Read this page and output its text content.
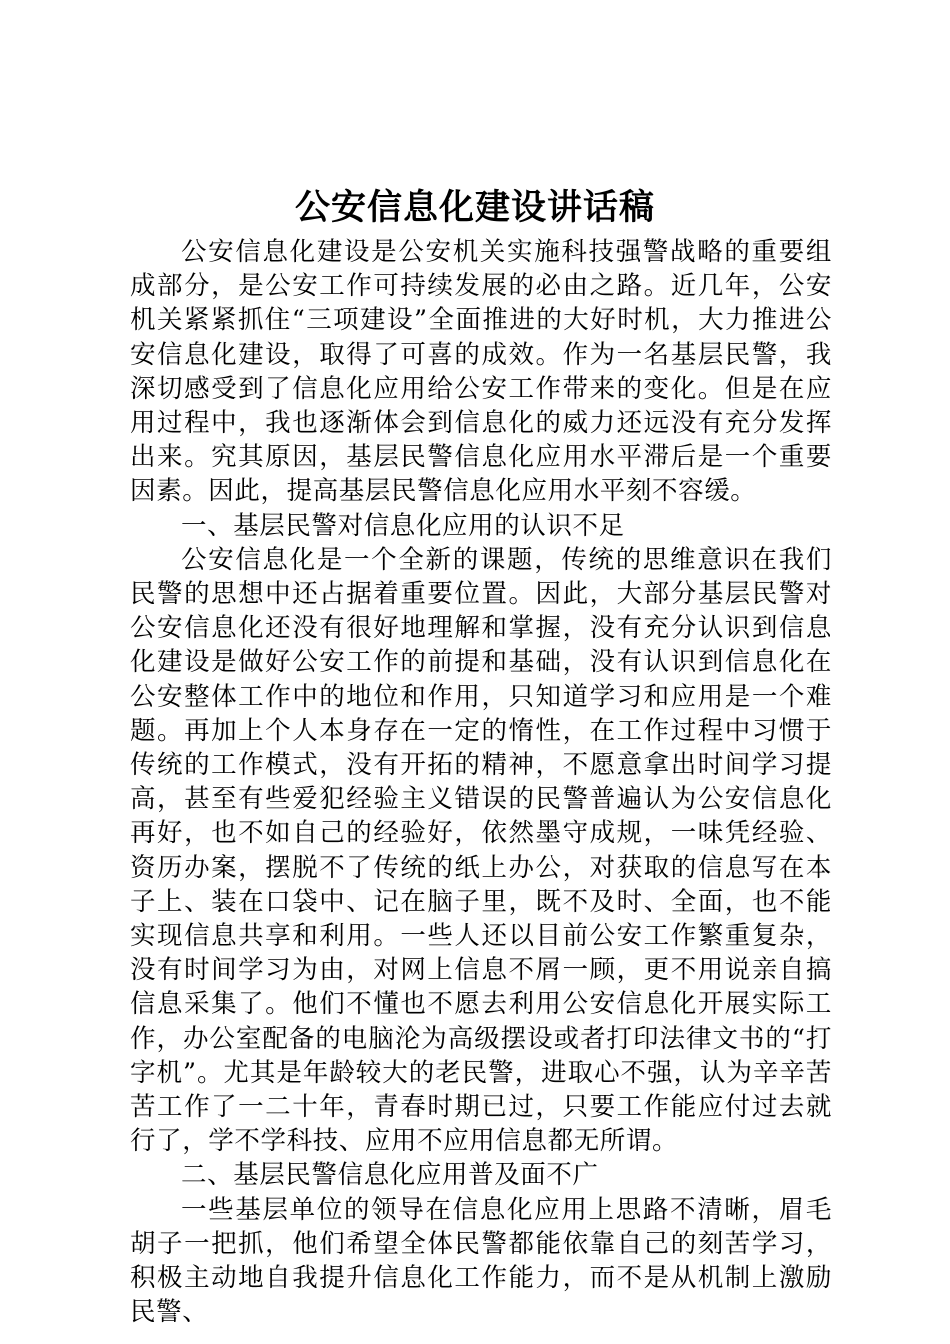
公安信息化建设讲话稿

公安信息化建设是公安机关实施科技强警战略的重要组成部分，是公安工作可持续发展的必由之路。近几年，公安机关紧紧抓住“三项建设”全面推进的大好时机，大力推进公安信息化建设，取得了可喜的成效。作为一名基层民警，我深切感受到了信息化应用给公安工作带来的变化。但是在应用过程中，我也逐渐体会到信息化的威力还远没有充分发挥出来。究其原因，基层民警信息化应用水平滞后是一个重要因素。因此，提高基层民警信息化应用水平刻不容缓。

一、基层民警对信息化应用的认识不足

公安信息化是一个全新的课题，传统的思维意识在我们民警的思想中还占据着重要位置。因此，大部分基层民警对公安信息化还没有很好地理解和掌握，没有充分认识到信息化建设是做好公安工作的前提和基础，没有认识到信息化在公安整体工作中的地位和作用，只知道学习和应用是一个难题。再加上个人本身存在一定的惰性，在工作过程中习惯于传统的工作模式，没有开拓的精神，不愿意拿出时间学习提高，甚至有些爱犯经验主义错误的民警普遍认为公安信息化再好，也不如自己的经验好，依然墨守成规，一味凭经验、资历办案，摆脱不了传统的纸上办公，对获取的信息写在本子上、装在口袋中、记在脑子里，既不及时、全面，也不能实现信息共享和利用。一些人还以目前公安工作繁重复杂，没有时间学习为由，对网上信息不屑一顾，更不用说亲自搞信息采集了。他们不懂也不愿去利用公安信息化开展实际工作，办公室配备的电脑沦为高级摆设或者打印法律文书的“打字机”。尤其是年龄较大的老民警，进取心不强，认为辛辛苦苦工作了一二十年，青春时期已过，只要工作能应付过去就行了，学不学科技、应用不应用信息都无所谓。

二、基层民警信息化应用普及面不广

一些基层单位的领导在信息化应用上思路不清晰，眉毛胡子一把抓，他们希望全体民警都能依靠自己的刻苦学习，积极主动地自我提升信息化工作能力，而不是从机制上激励民警、
